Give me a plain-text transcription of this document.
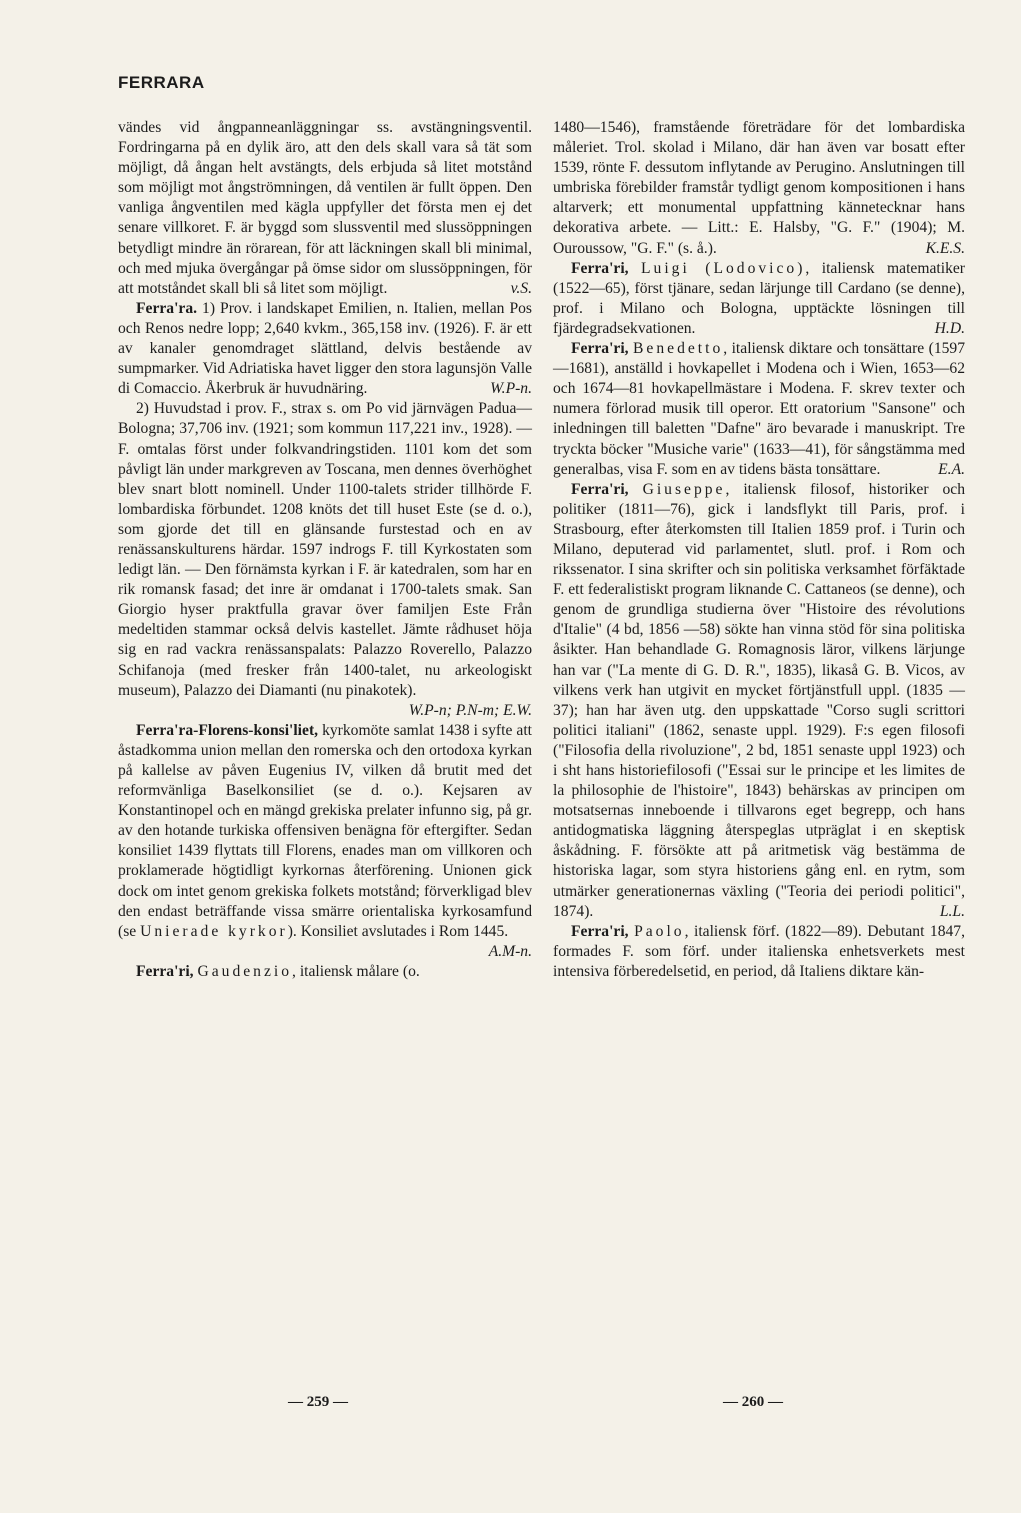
FERRARA

vändes vid ångpanneanläggningar ss. avstängningsventil. Fordringarna på en dylik äro, att den dels skall vara så tät som möjligt, då ångan helt avstängts, dels erbjuda så litet motstånd som möjligt mot ångströmningen, då ventilen är fullt öppen. Den vanliga ångventilen med kägla uppfyller det första men ej det senare villkoret. F. är byggd som slussventil med slussöppningen betydligt mindre än rörarean, för att läckningen skall bli minimal, och med mjuka övergångar på ömse sidor om slussöppningen, för att motståndet skall bli så litet som möjligt.	v.S.

Ferra'ra. 1) Prov. i landskapet Emilien, n. Italien, mellan Pos och Renos nedre lopp; 2,640 kvkm., 365,158 inv. (1926). F. är ett av kanaler genomdraget slättland, delvis bestående av sumpmarker. Vid Adriatiska havet ligger den stora lagunsjön Valle di Comaccio. Åkerbruk är huvudnäring.	W.P-n.

2) Huvudstad i prov. F., strax s. om Po vid järnvägen Padua—Bologna; 37,706 inv. (1921; som kommun 117,221 inv., 1928). — F. omtalas först under folkvandringstiden. 1101 kom det som påvligt län under markgreven av Toscana, men dennes överhöghet blev snart blott nominell. Under 1100-talets strider tillhörde F. lombardiska förbundet. 1208 knöts det till huset Este (se d. o.), som gjorde det till en glänsande furstestad och en av renässanskulturens härdar. 1597 indrogs F. till Kyrkostaten som ledigt län. — Den förnämsta kyrkan i F. är katedralen, som har en rik romansk fasad; det inre är omdanat i 1700-talets smak. San Giorgio hyser praktfulla gravar över familjen Este Från medeltiden stammar också delvis kastellet. Jämte rådhuset höja sig en rad vackra renässanspalats: Palazzo Roverello, Palazzo Schifanoja (med fresker från 1400-talet, nu arkeologiskt museum), Palazzo dei Diamanti (nu pinakotek).
W.P-n; P.N-m; E.W.

Ferra'ra-Florens-konsi'liet, kyrkomöte samlat 1438 i syfte att åstadkomma union mellan den romerska och den ortodoxa kyrkan på kallelse av påven Eugenius IV, vilken då brutit med det reformvänliga Baselkonsiliet (se d. o.). Kejsaren av Konstantinopel och en mängd grekiska prelater infunno sig, på gr. av den hotande turkiska offensiven benägna för eftergifter. Sedan konsiliet 1439 flyttats till Florens, enades man om villkoren och proklamerade högtidligt kyrkornas återförening. Unionen gick dock om intet genom grekiska folkets motstånd; förverkligad blev den endast beträffande vissa smärre orientaliska kyrkosamfund (se Unierade kyrkor). Konsiliet avslutades i Rom 1445.
A.M-n.

Ferra'ri, Gaudenzio, italiensk målare (o.

1480—1546), framstående företrädare för det lombardiska måleriet. Trol. skolad i Milano, där han även var bosatt efter 1539, rönte F. dessutom inflytande av Perugino. Anslutningen till umbriska förebilder framstår tydligt genom kompositionen i hans altarverk; ett monumental uppfattning kännetecknar hans dekorativa arbete. — Litt.: E. Halsby, "G. F." (1904); M. Ouroussow, "G. F." (s. å.).	K.E.S.

Ferra'ri, Luigi (Lodovico), italiensk matematiker (1522—65), först tjänare, sedan lärjunge till Cardano (se denne), prof. i Milano och Bologna, upptäckte lösningen till fjärdegradsekvationen.	H.D.

Ferra'ri, Benedetto, italiensk diktare och tonsättare (1597—1681), anställd i hovkapellet i Modena och i Wien, 1653—62 och 1674—81 hovkapellmästare i Modena. F. skrev texter och numera förlorad musik till operor. Ett oratorium "Sansone" och inledningen till baletten "Dafne" äro bevarade i manuskript. Tre tryckta böcker "Musiche varie" (1633—41), för sångstämma med generalbas, visa F. som en av tidens bästa tonsättare.	E.A.

Ferra'ri, Giuseppe, italiensk filosof, historiker och politiker (1811—76), gick i landsflykt till Paris, prof. i Strasbourg, efter återkomsten till Italien 1859 prof. i Turin och Milano, deputerad vid parlamentet, slutl. prof. i Rom och rikssenator. I sina skrifter och sin politiska verksamhet förfäktade F. ett federalistiskt program liknande C. Cattaneos (se denne), och genom de grundliga studierna över "Histoire des révolutions d'Italie" (4 bd, 1856 —58) sökte han vinna stöd för sina politiska åsikter. Han behandlade G. Romagnosis läror, vilkens lärjunge han var ("La mente di G. D. R.", 1835), likaså G. B. Vicos, av vilkens verk han utgivit en mycket förtjänstfull uppl. (1835 —37); han har även utg. den uppskattade "Corso sugli scrittori politici italiani" (1862, senaste uppl. 1929). F:s egen filosofi ("Filosofia della rivoluzione", 2 bd, 1851 senaste uppl 1923) och i sht hans historiefilosofi ("Essai sur le principe et les limites de la philosophie de l'histoire", 1843) behärskas av principen om motsatsernas inneboende i tillvarons eget begrepp, och hans antidogmatiska läggning återspeglas utpräglat i en skeptisk åskådning. F. försökte att på aritmetisk väg bestämma de historiska lagar, som styra historiens gång enl. en rytm, som utmärker generationernas växling ("Teoria dei periodi politici", 1874).	L.L.

Ferra'ri, Paolo, italiensk förf. (1822—89). Debutant 1847, formades F. som förf. under italienska enhetsverkets mest intensiva förberedelsetid, en period, då Italiens diktare kän-

— 259 —	— 260 —
